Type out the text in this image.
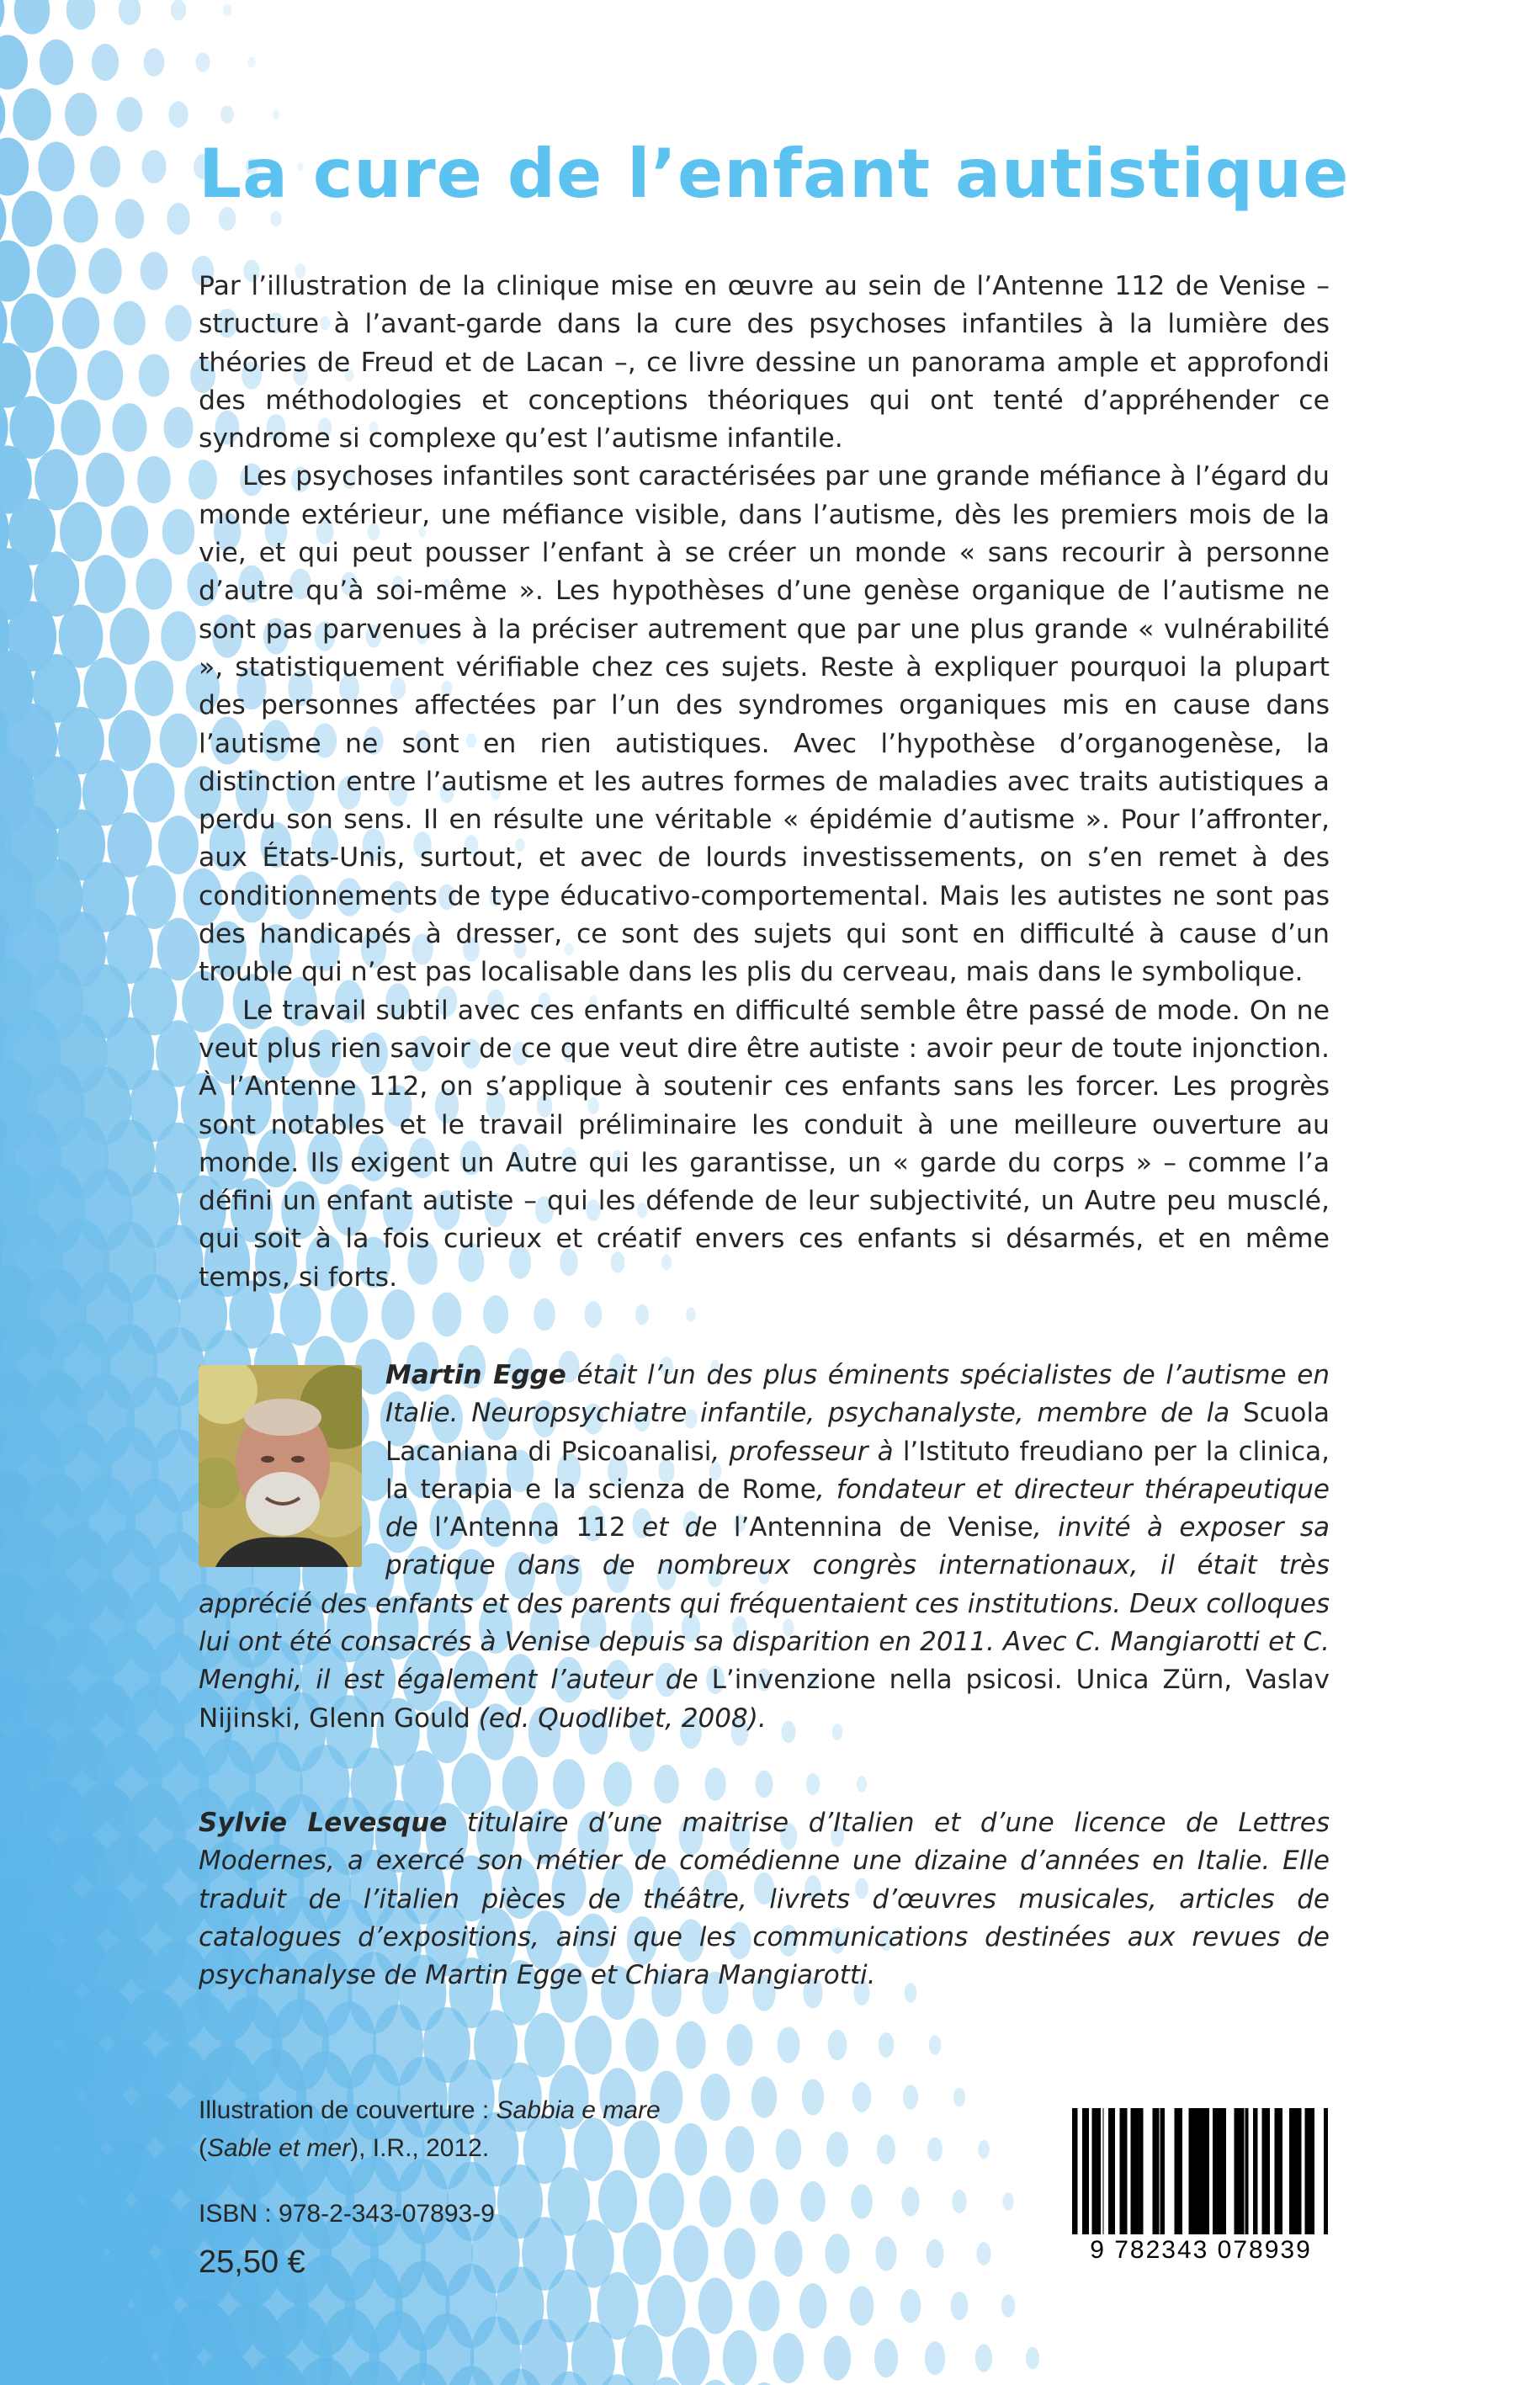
La cure de l’enfant autistique

Par l’illustration de la clinique mise en œuvre au sein de l’Antenne 112 de Venise – structure à l’avant-garde dans la cure des psychoses infantiles à la lumière des théories de Freud et de Lacan –, ce livre dessine un panorama ample et approfondi des méthodologies et conceptions théoriques qui ont tenté d’appréhender ce syndrome si complexe qu’est l’autisme infantile.

Les psychoses infantiles sont caractérisées par une grande méfiance à l’égard du monde extérieur, une méfiance visible, dans l’autisme, dès les premiers mois de la vie, et qui peut pousser l’enfant à se créer un monde « sans recourir à personne d’autre qu’à soi-même ». Les hypothèses d’une genèse organique de l’autisme ne sont pas parvenues à la préciser autrement que par une plus grande « vulnérabilité », statistiquement vérifiable chez ces sujets. Reste à expliquer pourquoi la plupart des personnes affectées par l’un des syndromes organiques mis en cause dans l’autisme ne sont en rien autistiques. Avec l’hypothèse d’organogenèse, la distinction entre l’autisme et les autres formes de maladies avec traits autistiques a perdu son sens. Il en résulte une véritable « épidémie d’autisme ». Pour l’affronter, aux États-Unis, surtout, et avec de lourds investissements, on s’en remet à des conditionnements de type éducativo-comportemental. Mais les autistes ne sont pas des handicapés à dresser, ce sont des sujets qui sont en difficulté à cause d’un trouble qui n’est pas localisable dans les plis du cerveau, mais dans le symbolique.

Le travail subtil avec ces enfants en difficulté semble être passé de mode. On ne veut plus rien savoir de ce que veut dire être autiste : avoir peur de toute injonction. À l’Antenne 112, on s’applique à soutenir ces enfants sans les forcer. Les progrès sont notables et le travail préliminaire les conduit à une meilleure ouverture au monde. Ils exigent un Autre qui les garantisse, un « garde du corps » – comme l’a défini un enfant autiste – qui les défende de leur subjectivité, un Autre peu musclé, qui soit à la fois curieux et créatif envers ces enfants si désarmés, et en même temps, si forts.

Martin Egge était l’un des plus éminents spécialistes de l’autisme en Italie. Neuropsychiatre infantile, psychanalyste, membre de la Scuola Lacaniana di Psicoanalisi, professeur à l’Istituto freudiano per la clinica, la terapia e la scienza de Rome, fondateur et directeur thérapeutique de l’Antenna 112 et de l’Antennina de Venise, invité à exposer sa pratique dans de nombreux congrès internationaux, il était très apprécié des enfants et des parents qui fréquentaient ces institutions. Deux colloques lui ont été consacrés à Venise depuis sa disparition en 2011. Avec C. Mangiarotti et C. Menghi, il est également l’auteur de L’invenzione nella psicosi. Unica Zürn, Vaslav Nijinski, Glenn Gould (ed. Quodlibet, 2008).

Sylvie Levesque titulaire d’une maitrise d’Italien et d’une licence de Lettres Modernes, a exercé son métier de comédienne une dizaine d’années en Italie. Elle traduit de l’italien pièces de théâtre, livrets d’œuvres musicales, articles de catalogues d’expositions, ainsi que les communications destinées aux revues de psychanalyse de Martin Egge et Chiara Mangiarotti.

Illustration de couverture : Sabbia e mare

(Sable et mer), I.R., 2012.

ISBN : 978-2-343-07893-9

25,50 €	9 782343 078939
